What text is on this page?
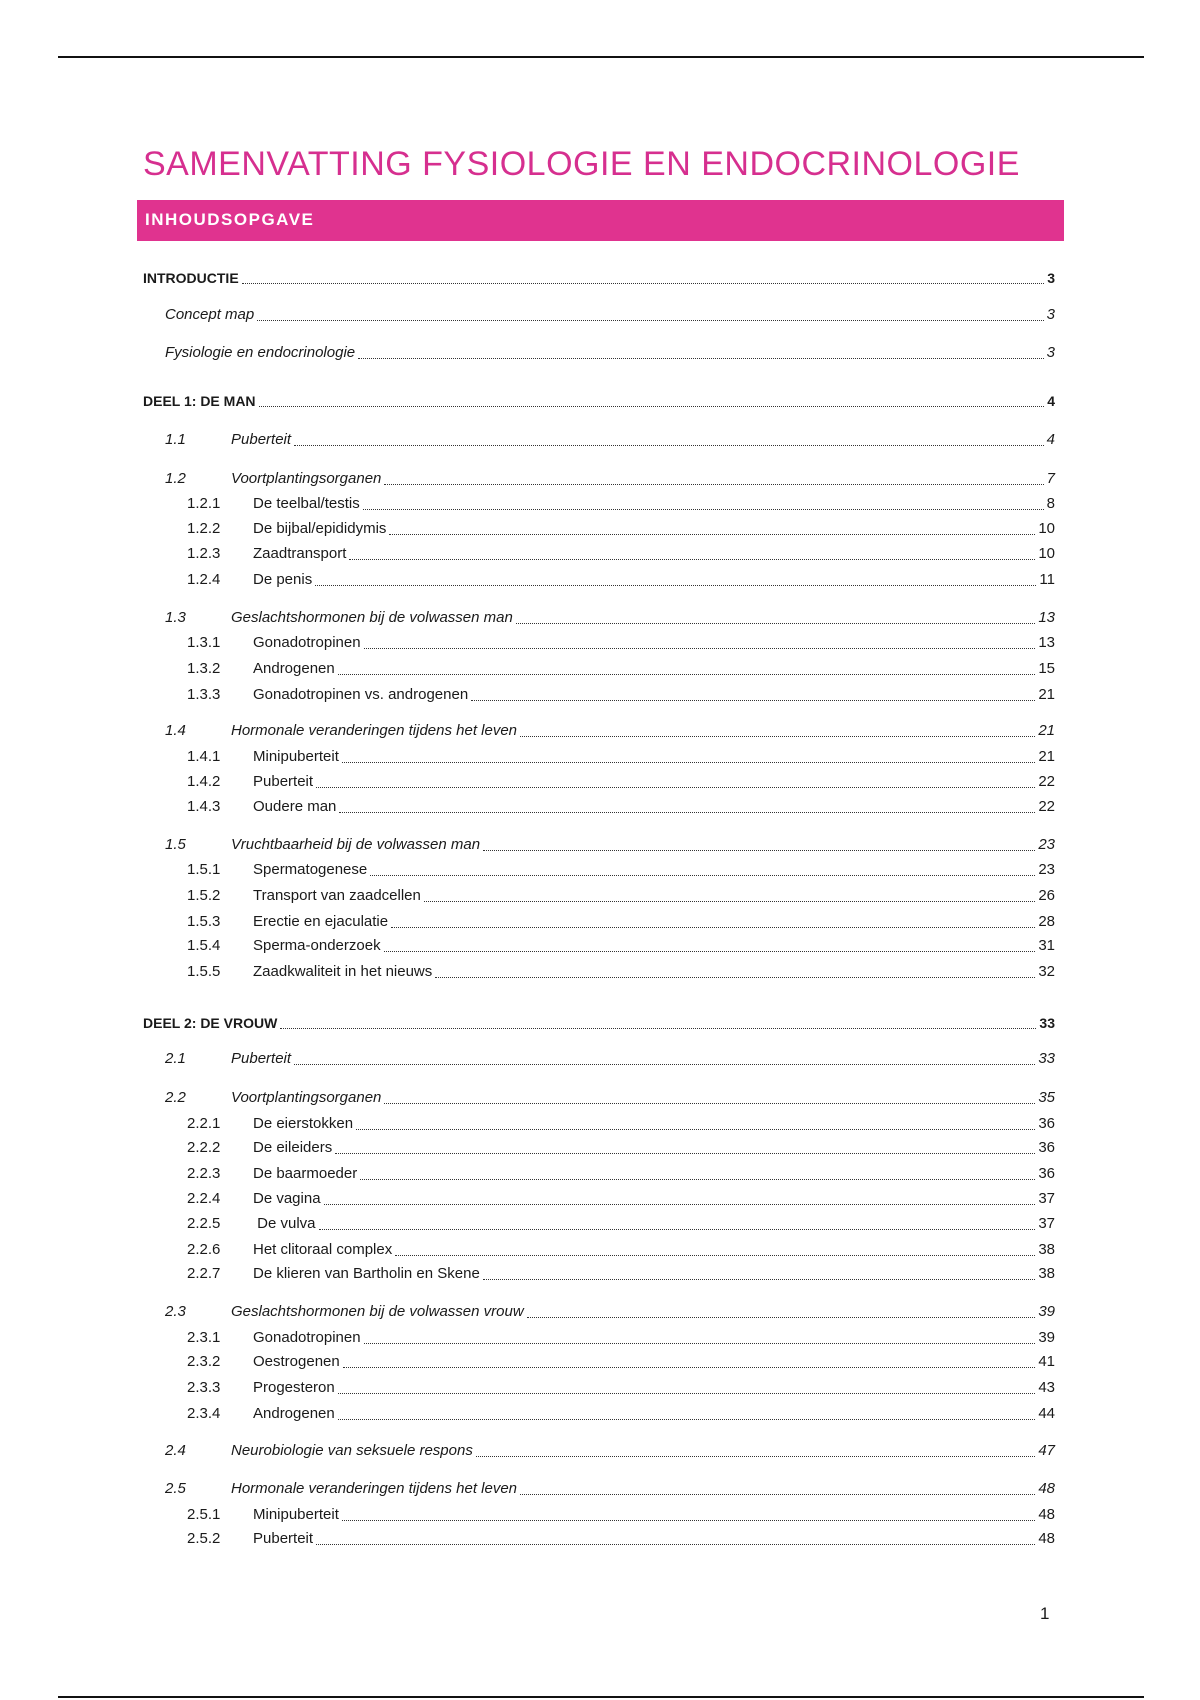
SAMENVATTING FYSIOLOGIE EN ENDOCRINOLOGIE
INHOUDSOPGAVE
INTRODUCTIE	3
Concept map	3
Fysiologie en endocrinologie	3
DEEL 1: DE MAN	4
1.1	Puberteit	4
1.2	Voortplantingsorganen	7
1.2.1	De teelbal/testis	8
1.2.2	De bijbal/epididymis	10
1.2.3	Zaadtransport	10
1.2.4	De penis	11
1.3	Geslachtshormonen bij de volwassen man	13
1.3.1	Gonadotropinen	13
1.3.2	Androgenen	15
1.3.3	Gonadotropinen vs. androgenen	21
1.4	Hormonale veranderingen tijdens het leven	21
1.4.1	Minipuberteit	21
1.4.2	Puberteit	22
1.4.3	Oudere man	22
1.5	Vruchtbaarheid bij de volwassen man	23
1.5.1	Spermatogenese	23
1.5.2	Transport van zaadcellen	26
1.5.3	Erectie en ejaculatie	28
1.5.4	Sperma-onderzoek	31
1.5.5	Zaadkwaliteit in het nieuws	32
DEEL 2: DE VROUW	33
2.1	Puberteit	33
2.2	Voortplantingsorganen	35
2.2.1	De eierstokken	36
2.2.2	De eileiders	36
2.2.3	De baarmoeder	36
2.2.4	De vagina	37
2.2.5	De vulva	37
2.2.6	Het clitoraal complex	38
2.2.7	De klieren van Bartholin en Skene	38
2.3	Geslachtshormonen bij de volwassen vrouw	39
2.3.1	Gonadotropinen	39
2.3.2	Oestrogenen	41
2.3.3	Progesteron	43
2.3.4	Androgenen	44
2.4	Neurobiologie van seksuele respons	47
2.5	Hormonale veranderingen tijdens het leven	48
2.5.1	Minipuberteit	48
2.5.2	Puberteit	48
1
